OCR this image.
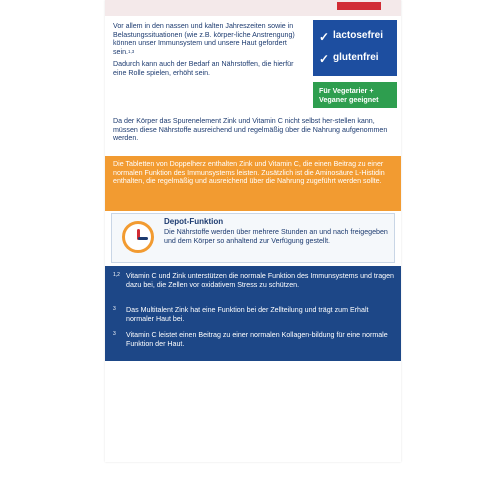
Vor allem in den nassen und kalten Jahreszeiten sowie in Belastungssituationen (wie z.B. körper-liche Anstrengung) können unser Immunsystem und unsere Haut gefordert sein.$^{1,3}$

Dadurch kann auch der Bedarf an Nährstoffen, die hierfür eine Rolle spielen, erhöht sein.

Da der Körper das Spurenelement Zink und Vitamin C nicht selbst her-stellen kann, müssen diese Nährstoffe ausreichend und regelmäßig über die Nahrung aufgenommen werden.

✓ lactosefrei
✓ glutenfrei
Für Vegetarier +
Veganer geeignet
Die Tabletten von Doppelherz enthalten Zink und Vitamin C, die einen Beitrag zu einer normalen Funktion des Immunsystems leisten. Zusätzlich ist die Aminosäure L-Histidin enthalten, die regelmäßig und ausreichend über die Nahrung zugeführt werden sollte.
Depot-Funktion
Die Nährstoffe werden über mehrere Stunden an und nach freigegeben und dem Körper so anhaltend zur Verfügung gestellt.
1,2 Vitamin C und Zink unterstützen die normale Funktion des Immunsystems und tragen dazu bei, die Zellen vor oxidativem Stress zu schützen.
3 Das Multitalent Zink hat eine Funktion bei der Zellteilung und trägt zum Erhalt normaler Haut bei.
3 Vitamin C leistet einen Beitrag zu einer normalen Kollagen-bildung für eine normale Funktion der Haut.
